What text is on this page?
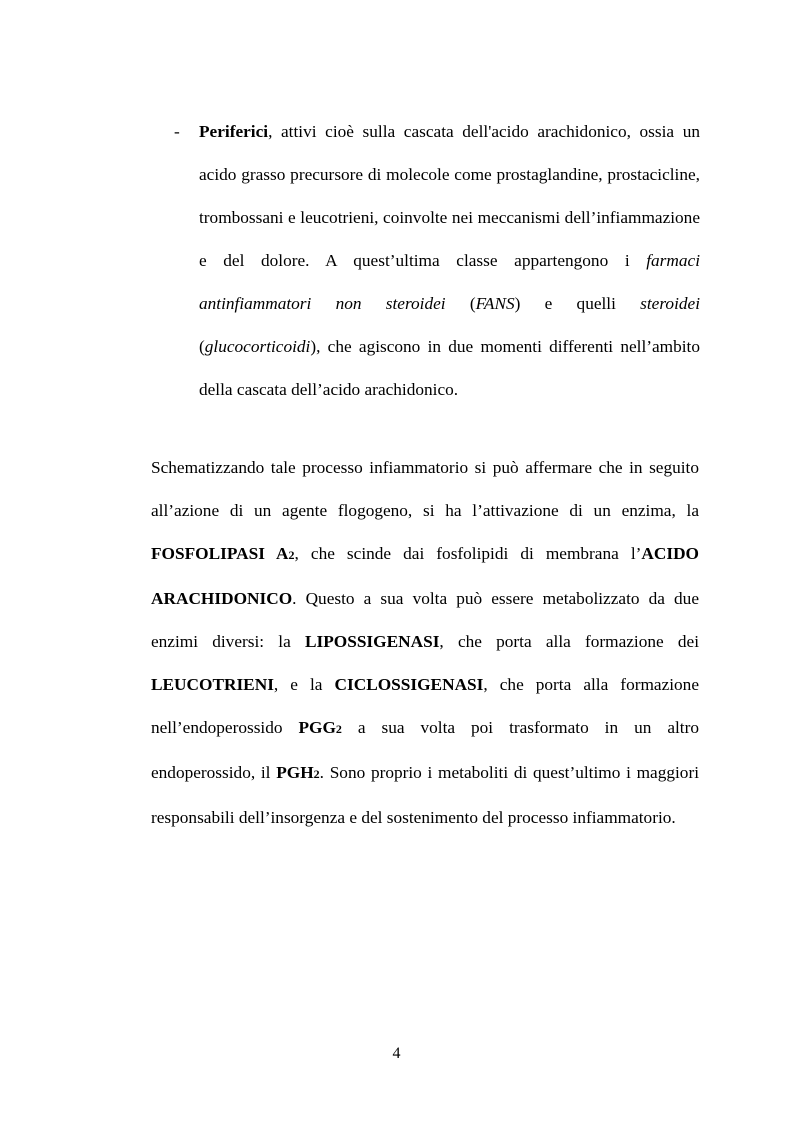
- Periferici, attivi cioè sulla cascata dell'acido arachidonico, ossia un acido grasso precursore di molecole come prostaglandine, prostacicline, trombossani e leucotrieni, coinvolte nei meccanismi dell’infiammazione e del dolore. A quest’ultima classe appartengono i farmaci antinfiammatori non steroidei (FANS) e quelli steroidei (glucocorticoidi), che agiscono in due momenti differenti nell’ambito della cascata dell’acido arachidonico.
Schematizzando tale processo infiammatorio si può affermare che in seguito all’azione di un agente flogogeno, si ha l’attivazione di un enzima, la FOSFOLIPASI A2, che scinde dai fosfolipidi di membrana l’ACIDO ARACHIDONICO. Questo a sua volta può essere metabolizzato da due enzimi diversi: la LIPOSSIGENASI, che porta alla formazione dei LEUCOTRIENI, e la CICLOSSIGENASI, che porta alla formazione nell’endoperossido PGG2 a sua volta poi trasformato in un altro endoperossido, il PGH2. Sono proprio i metaboliti di quest’ultimo i maggiori responsabili dell’insorgenza e del sostenimento del processo infiammatorio.
4
